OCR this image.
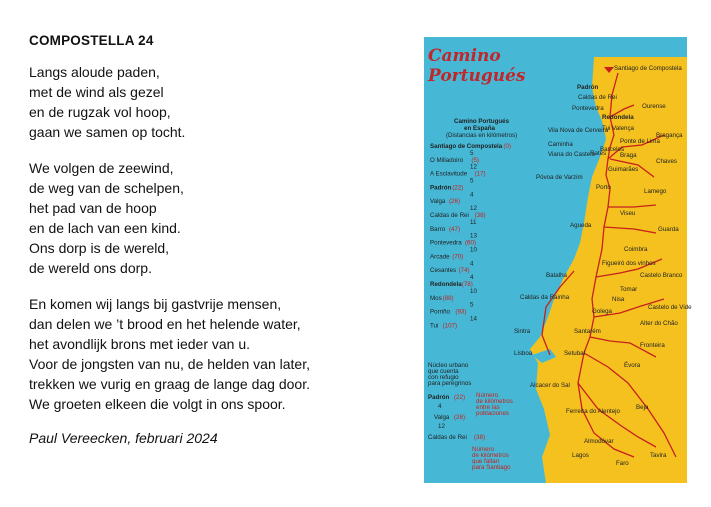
COMPOSTELLA 24
Langs aloude paden,
met de wind als gezel
en de rugzak vol hoop,
gaan we samen op tocht.
We volgen de zeewind,
de weg van de schelpen,
het pad van de hoop
en de lach van een kind.
Ons dorp is de wereld,
de wereld ons dorp.
En komen wij langs bij gastvrije mensen,
dan delen we ’t brood en het helende water,
het avondlijk brons met ieder van u.
Voor de jongsten van nu, de helden van later,
trekken we vurig en graag de lange dag door.
We groeten elkeen die volgt in ons spoor.
Paul Vereecken, februari 2024
Camino
Portugués
Camino Portugués
en España
(Distancias en kilómetros)
Santiago de Compostela (0)
5
O Milladoiro (5)
12
A Esclavitude (17)
5
Padrón (22)
4
Valga (26)
12
Caldas de Rei (38)
11
Barro (47)
13
Pontevedra (60)
10
Arcade (70)
4
Cesantes (74)
4
Redondela (78)
10
Mos (88)
5
Porriño (93)
14
Tui (107)
Santiago de Compostela
Padrón
Caldas de Rei
Pontevedra
Redondela
Ourense
Tui Valença
Vila Nova de Cerveira
Caminha
Viana do Castelo
Ponte de Lima
Bragança
Barcelos
Rates Braga
Chaves
Guimarães
Póvoa de Varzim
Porto
Lamego
Viseu
Agueda
Guarda
Coimbra
Figueiró dos vinhos
Batalha	Castelo Branco
Tomar
Caldas da Rainha	Nisa
Castelo de Vide
Golega
Alter do Chão
Santarém
Sintra
Fronteira
Lisboa	Setubal
Évora
Alcacer do Sal
Ferreira do Alentejo
Beja
Almodóvar
Lagos	Tavira
Faro
Núcleo urbano
que cuenta
con refugio
para peregrinos
Padrón (22)
4
Número
de kilómetros
entre las
poblaciones
Valga (26)
12
Caldas de Rei (38)
Número
de kilómetros
que faltan
para Santiago
